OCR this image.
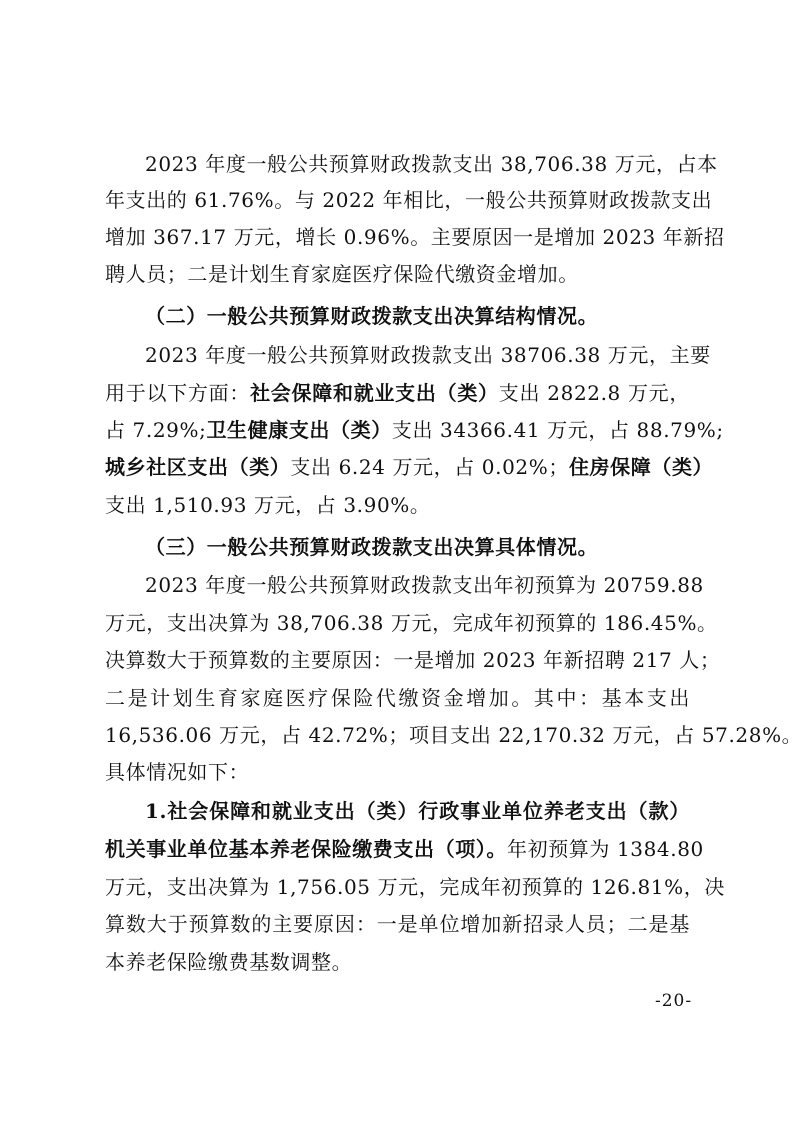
2023 年度一般公共预算财政拨款支出 38,706.38 万元，占本
年支出的 61.76%。与 2022 年相比，一般公共预算财政拨款支出
增加 367.17 万元，增长 0.96%。主要原因一是增加 2023 年新招
聘人员；二是计划生育家庭医疗保险代缴资金增加。
（二）一般公共预算财政拨款支出决算结构情况。
2023 年度一般公共预算财政拨款支出 38706.38 万元，主要
用于以下方面：社会保障和就业支出（类）支出 2822.8 万元，
占 7.29%;卫生健康支出（类）支出 34366.41 万元，占 88.79%;
城乡社区支出（类）支出 6.24 万元，占 0.02%；住房保障（类）
支出 1,510.93 万元，占 3.90%。
（三）一般公共预算财政拨款支出决算具体情况。
2023 年度一般公共预算财政拨款支出年初预算为 20759.88
万元，支出决算为 38,706.38 万元，完成年初预算的 186.45%。
决算数大于预算数的主要原因：一是增加 2023 年新招聘 217 人；
二是计划生育家庭医疗保险代缴资金增加。其中：基本支出
16,536.06 万元，占 42.72%；项目支出 22,170.32 万元，占 57.28%。
具体情况如下：
1.社会保障和就业支出（类）行政事业单位养老支出（款）
机关事业单位基本养老保险缴费支出（项）。年初预算为 1384.80
万元，支出决算为 1,756.05 万元，完成年初预算的 126.81%，决
算数大于预算数的主要原因：一是单位增加新招录人员；二是基
本养老保险缴费基数调整。
-20-
